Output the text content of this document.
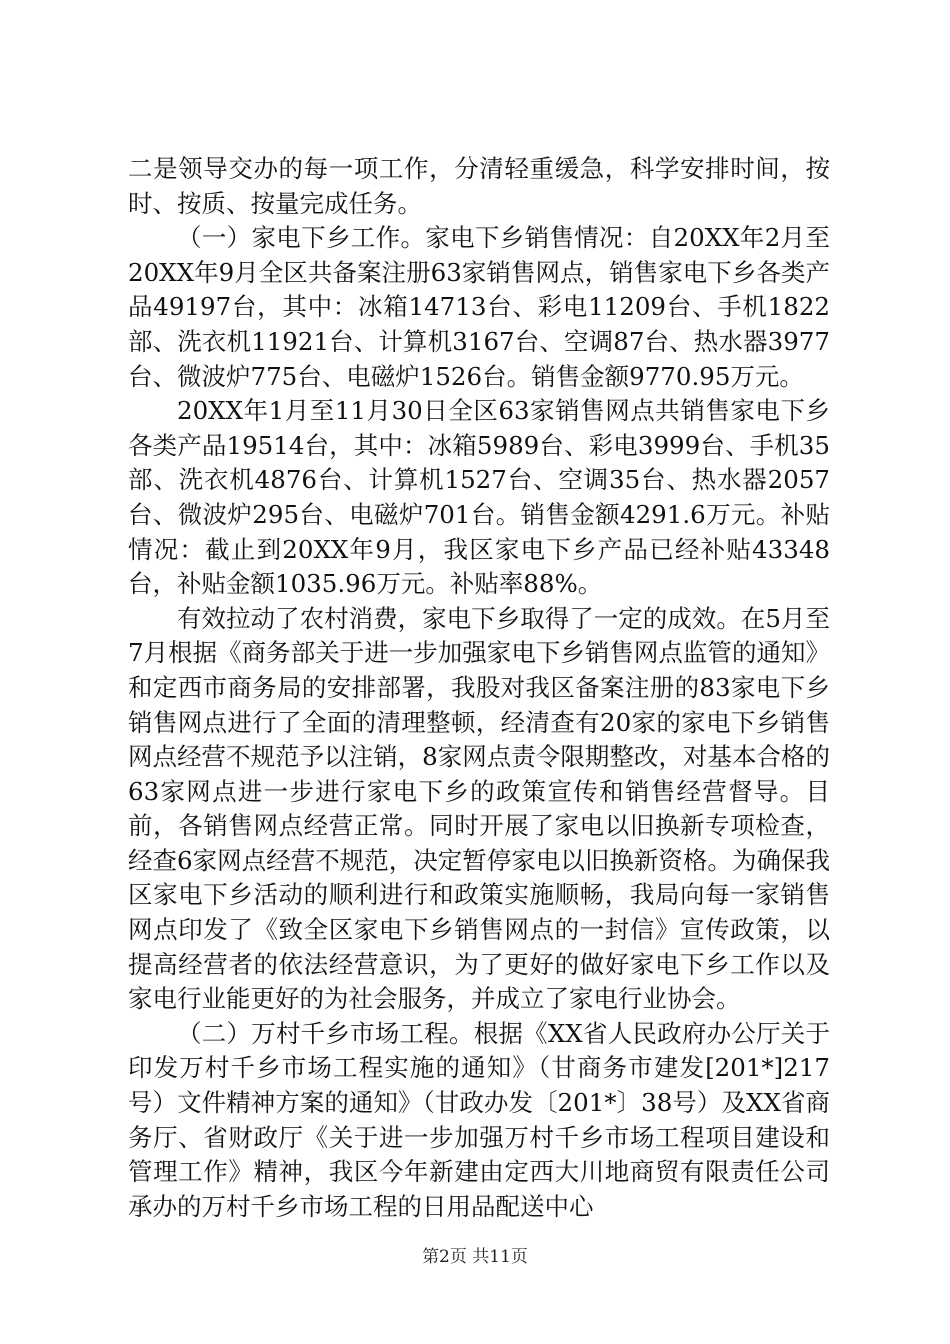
二是领导交办的每一项工作，分清轻重缓急，科学安排时间，按时、按质、按量完成任务。

（一）家电下乡工作。家电下乡销售情况：自20XX年2月至20XX年9月全区共备案注册63家销售网点，销售家电下乡各类产品49197台，其中：冰箱14713台、彩电11209台、手机1822部、洗衣机11921台、计算机3167台、空调87台、热水器3977台、微波炉775台、电磁炉1526台。销售金额9770.95万元。

20XX年1月至11月30日全区63家销售网点共销售家电下乡各类产品19514台，其中：冰箱5989台、彩电3999台、手机35部、洗衣机4876台、计算机1527台、空调35台、热水器2057台、微波炉295台、电磁炉701台。销售金额4291.6万元。补贴情况：截止到20XX年9月，我区家电下乡产品已经补贴43348台，补贴金额1035.96万元。补贴率88%。

有效拉动了农村消费，家电下乡取得了一定的成效。在5月至7月根据《商务部关于进一步加强家电下乡销售网点监管的通知》和定西市商务局的安排部署，我股对我区备案注册的83家电下乡销售网点进行了全面的清理整顿，经清查有20家的家电下乡销售网点经营不规范予以注销，8家网点责令限期整改，对基本合格的63家网点进一步进行家电下乡的政策宣传和销售经营督导。目前，各销售网点经营正常。同时开展了家电以旧换新专项检查，经查6家网点经营不规范，决定暂停家电以旧换新资格。为确保我区家电下乡活动的顺利进行和政策实施顺畅，我局向每一家销售网点印发了《致全区家电下乡销售网点的一封信》宣传政策，以提高经营者的依法经营意识，为了更好的做好家电下乡工作以及家电行业能更好的为社会服务，并成立了家电行业协会。

（二）万村千乡市场工程。根据《XX省人民政府办公厅关于印发万村千乡市场工程实施的通知》（甘商务市建发[201*]217号）文件精神方案的通知》（甘政办发〔201*〕38号）及XX省商务厅、省财政厅《关于进一步加强万村千乡市场工程项目建设和管理工作》精神，我区今年新建由定西大川地商贸有限责任公司承办的万村千乡市场工程的日用品配送中心

第2页 共11页
